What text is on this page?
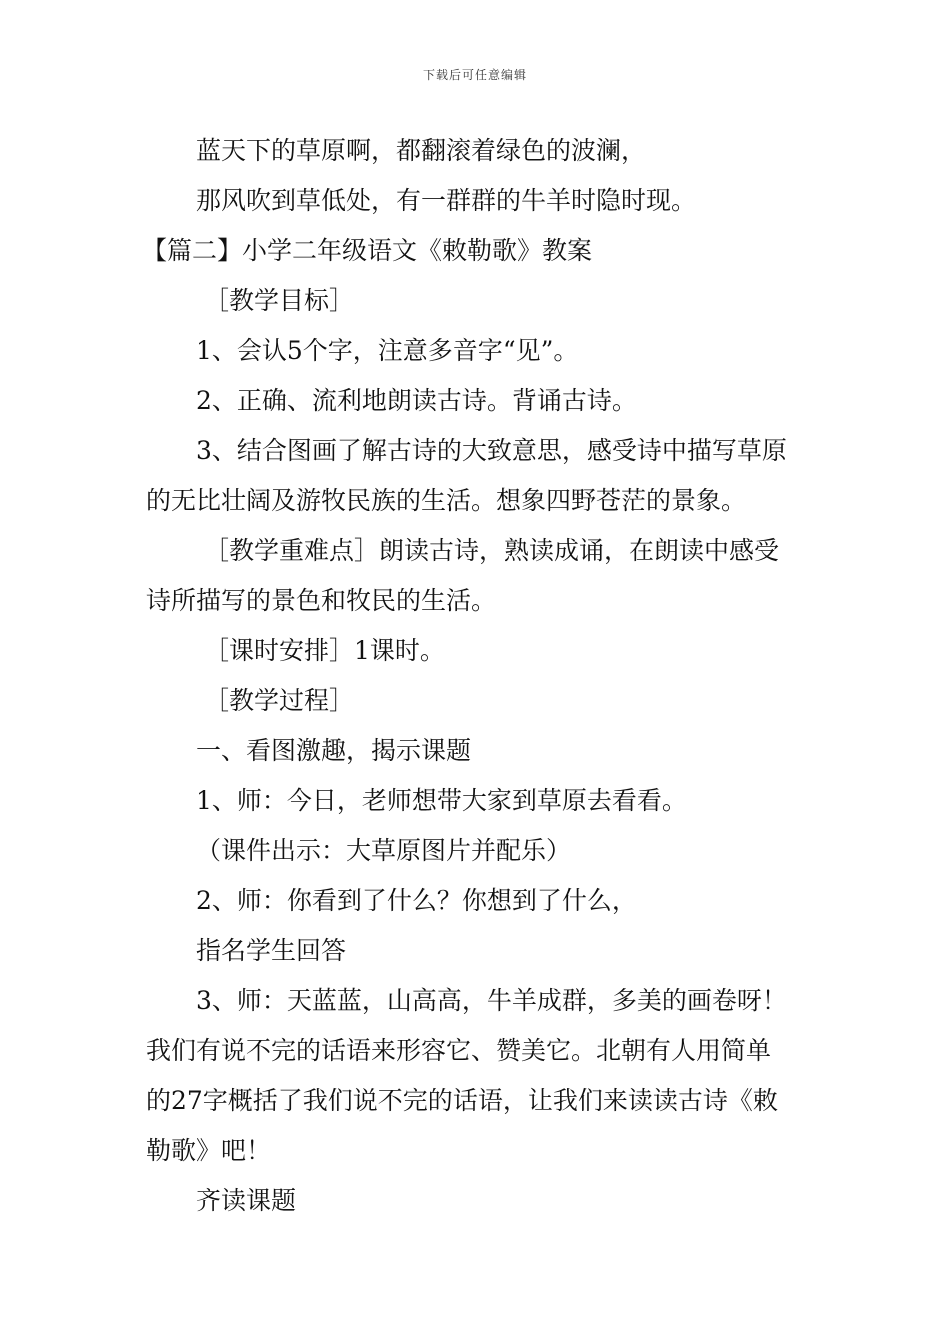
下载后可任意编辑

蓝天下的草原啊，都翻滚着绿色的波澜，

那风吹到草低处，有一群群的牛羊时隐时现。

【篇二】小学二年级语文《敕勒歌》教案

［教学目标］

1、会认5个字，注意多音字“见”。

2、正确、流利地朗读古诗。背诵古诗。

3、结合图画了解古诗的大致意思，感受诗中描写草原

的无比壮阔及游牧民族的生活。想象四野苍茫的景象。

［教学重难点］朗读古诗，熟读成诵，在朗读中感受

诗所描写的景色和牧民的生活。

［课时安排］1课时。

［教学过程］

一、看图激趣，揭示课题

1、师：今日，老师想带大家到草原去看看。

（课件出示：大草原图片并配乐）

2、师：你看到了什么？你想到了什么，

指名学生回答

3、师：天蓝蓝，山高高，牛羊成群，多美的画卷呀！

我们有说不完的话语来形容它、赞美它。北朝有人用简单

的27字概括了我们说不完的话语，让我们来读读古诗《敕

勒歌》吧！

齐读课题
